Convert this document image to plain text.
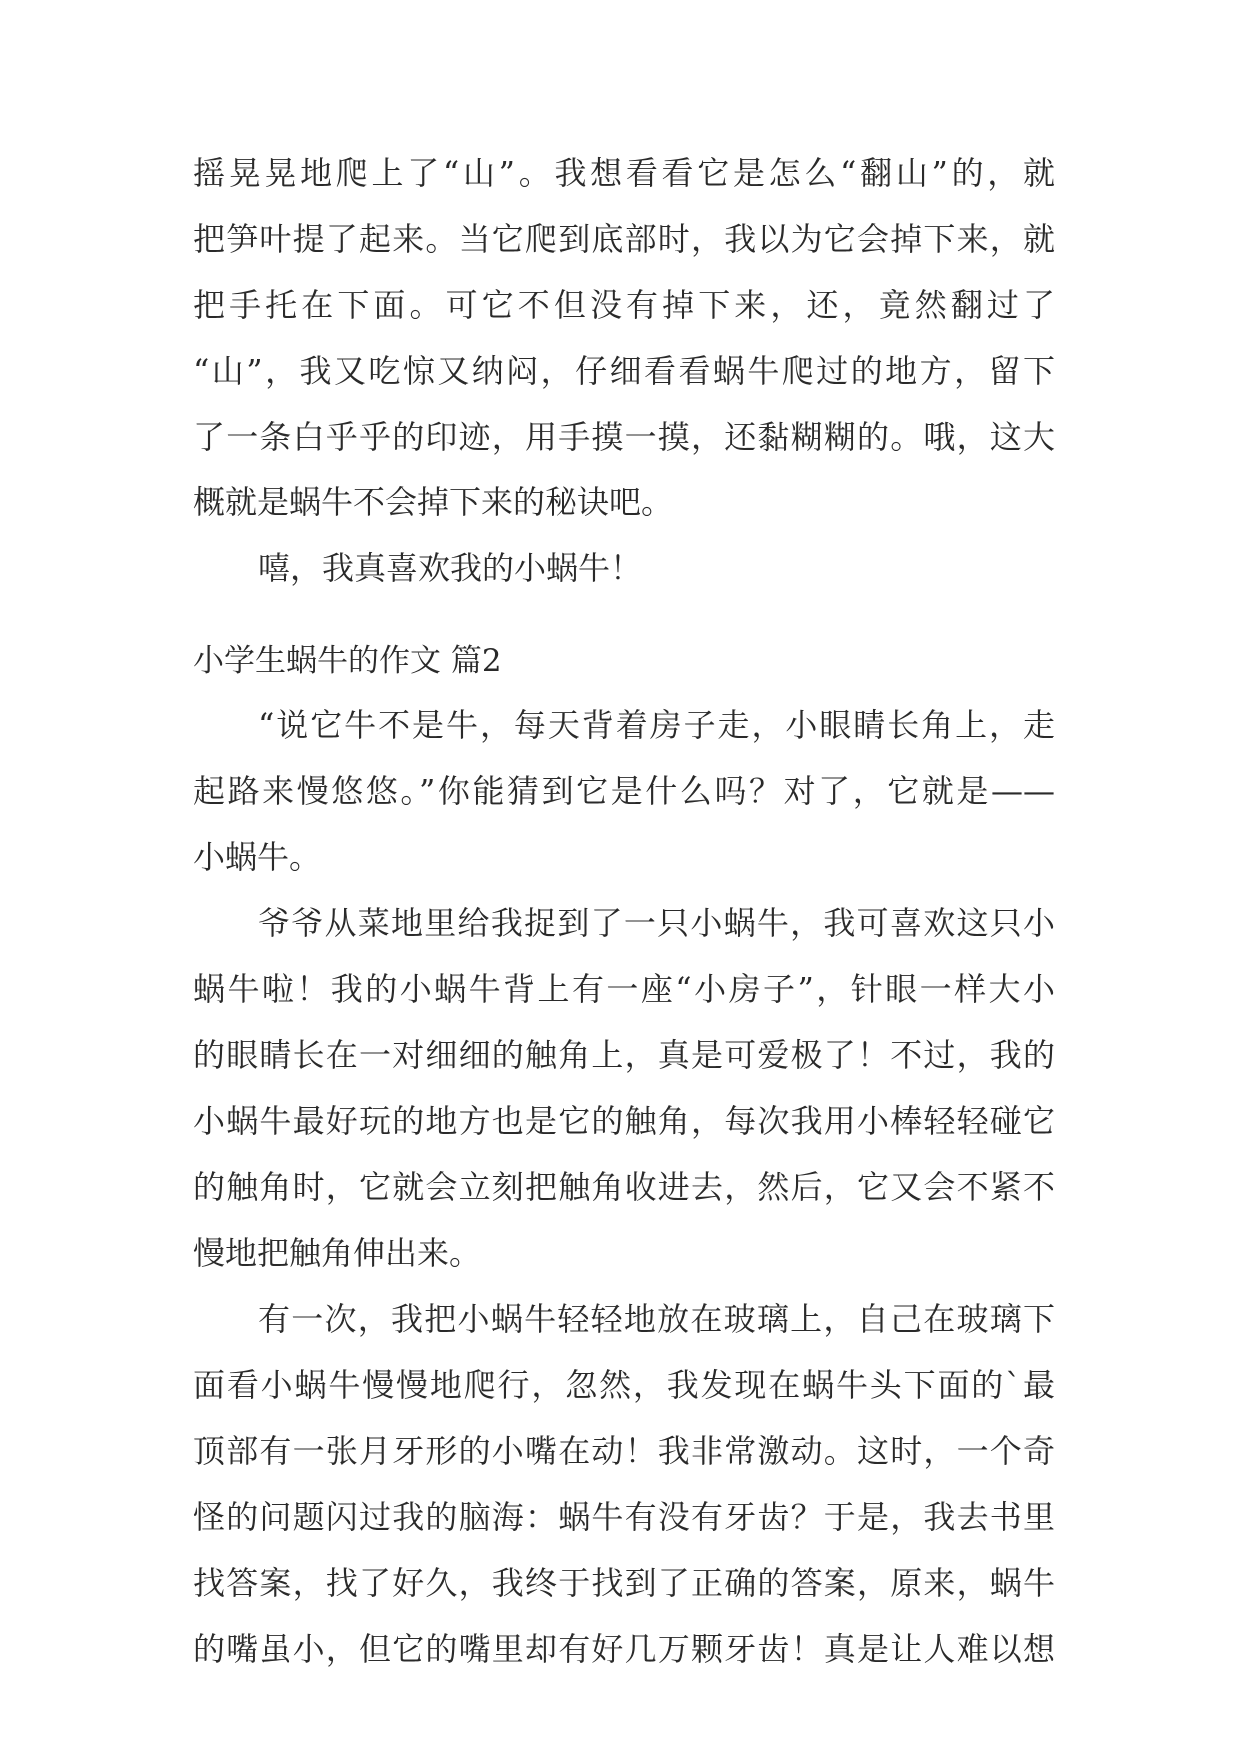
摇晃晃地爬上了“山”。我想看看它是怎么“翻山”的，就
把笋叶提了起来。当它爬到底部时，我以为它会掉下来，就
把手托在下面。可它不但没有掉下来，还，竟然翻过了
“山”，我又吃惊又纳闷，仔细看看蜗牛爬过的地方，留下
了一条白乎乎的印迹，用手摸一摸，还黏糊糊的。哦，这大
概就是蜗牛不会掉下来的秘诀吧。
嘻，我真喜欢我的小蜗牛！
小学生蜗牛的作文 篇2
“说它牛不是牛，每天背着房子走，小眼睛长角上，走
起路来慢悠悠。”你能猜到它是什么吗？对了，它就是——
小蜗牛。
爷爷从菜地里给我捉到了一只小蜗牛，我可喜欢这只小
蜗牛啦！我的小蜗牛背上有一座“小房子”，针眼一样大小
的眼睛长在一对细细的触角上，真是可爱极了！不过，我的
小蜗牛最好玩的地方也是它的触角，每次我用小棒轻轻碰它
的触角时，它就会立刻把触角收进去，然后，它又会不紧不
慢地把触角伸出来。
有一次，我把小蜗牛轻轻地放在玻璃上，自己在玻璃下
面看小蜗牛慢慢地爬行，忽然，我发现在蜗牛头下面的`最
顶部有一张月牙形的小嘴在动！我非常激动。这时，一个奇
怪的问题闪过我的脑海：蜗牛有没有牙齿？于是，我去书里
找答案，找了好久，我终于找到了正确的答案，原来，蜗牛
的嘴虽小，但它的嘴里却有好几万颗牙齿！真是让人难以想
